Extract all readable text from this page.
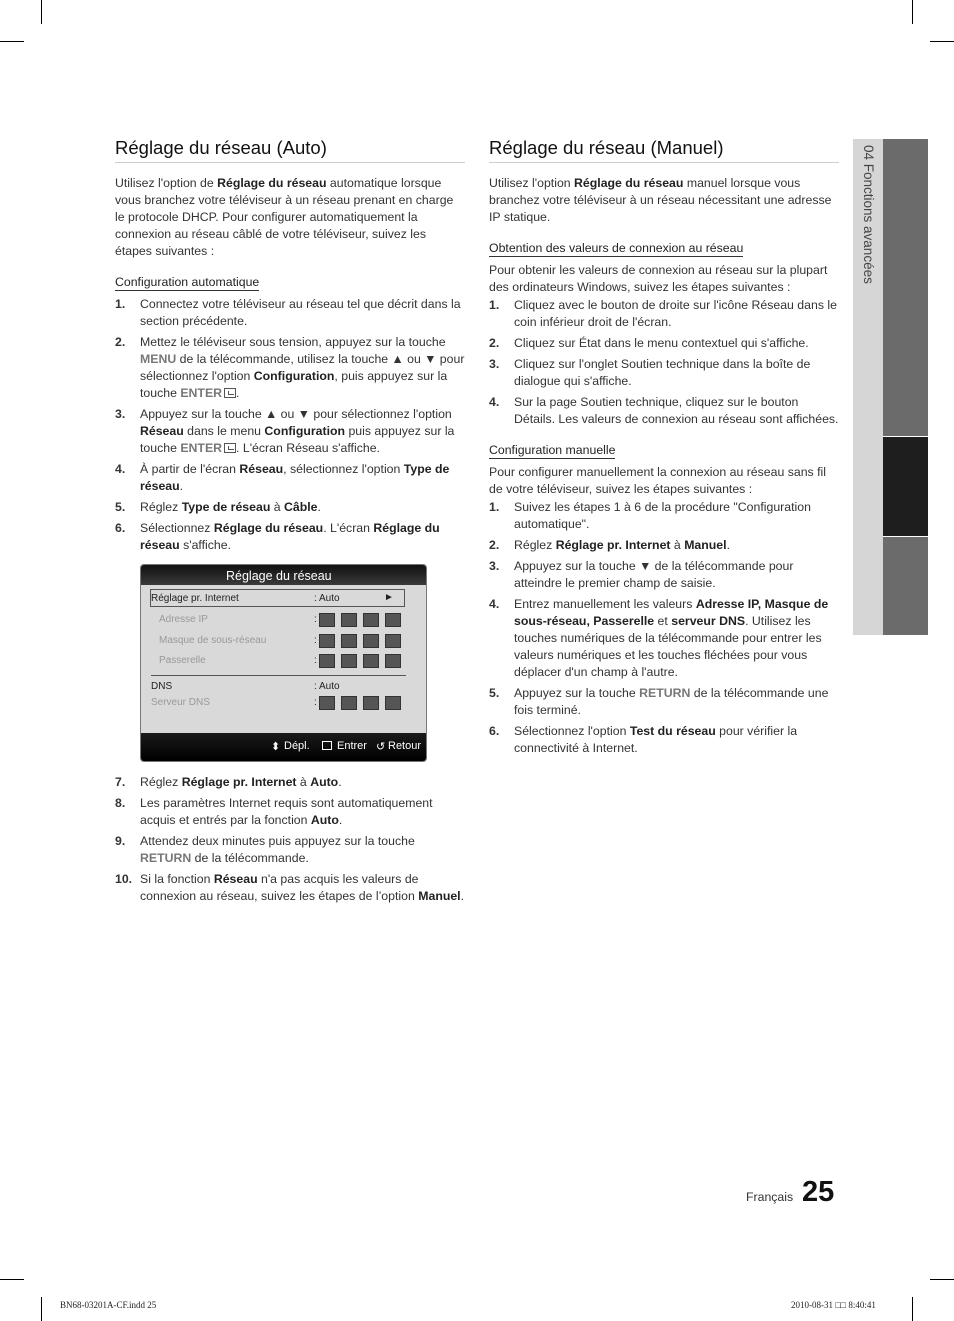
Réglage du réseau (Auto)

Utilisez l'option de Réglage du réseau automatique lorsque vous branchez votre téléviseur à un réseau prenant en charge le protocole DHCP. Pour configurer automatiquement la connexion au réseau câblé de votre téléviseur, suivez les étapes suivantes :

Configuration automatique
1. Connectez votre téléviseur au réseau tel que décrit dans la section précédente.
2. Mettez le téléviseur sous tension, appuyez sur la touche MENU de la télécommande, utilisez la touche ▲ ou ▼ pour sélectionnez l'option Configuration, puis appuyez sur la touche ENTER .
3. Appuyez sur la touche ▲ ou ▼ pour sélectionnez l'option Réseau dans le menu Configuration puis appuyez sur la touche ENTER . L'écran Réseau s'affiche.
4. À partir de l'écran Réseau, sélectionnez l'option Type de réseau.
5. Réglez Type de réseau à Câble.
6. Sélectionnez Réglage du réseau. L'écran Réglage du réseau s'affiche.
Réglage du réseau
Réglage pr. Internet	: Auto	►
Adresse IP	:
Masque de sous-réseau	:
Passerelle	:
DNS	: Auto
Serveur DNS	:
⬍ Dépl. Entrer ↺ Retour
7. Réglez Réglage pr. Internet à Auto.
8. Les paramètres Internet requis sont automatiquement acquis et entrés par la fonction Auto.
9. Attendez deux minutes puis appuyez sur la touche RETURN de la télécommande.
10. Si la fonction Réseau n'a pas acquis les valeurs de connexion au réseau, suivez les étapes de l’option Manuel.
Réglage du réseau (Manuel)

Utilisez l'option Réglage du réseau manuel lorsque vous branchez votre téléviseur à un réseau nécessitant une adresse IP statique.

Obtention des valeurs de connexion au réseau

Pour obtenir les valeurs de connexion au réseau sur la plupart des ordinateurs Windows, suivez les étapes suivantes :

1. Cliquez avec le bouton de droite sur l'icône Réseau dans le coin inférieur droit de l'écran.
2. Cliquez sur État dans le menu contextuel qui s'affiche.
3. Cliquez sur l'onglet Soutien technique dans la boîte de dialogue qui s'affiche.
4. Sur la page Soutien technique, cliquez sur le bouton Détails. Les valeurs de connexion au réseau sont affichées.
Configuration manuelle

Pour configurer manuellement la connexion au réseau sans fil de votre téléviseur, suivez les étapes suivantes :

1. Suivez les étapes 1 à 6 de la procédure "Configuration automatique".
2. Réglez Réglage pr. Internet à Manuel.
3. Appuyez sur la touche ▼ de la télécommande pour atteindre le premier champ de saisie.
4. Entrez manuellement les valeurs Adresse IP, Masque de sous-réseau, Passerelle et serveur DNS. Utilisez les touches numériques de la télécommande pour entrer les valeurs numériques et les touches fléchées pour vous déplacer d'un champ à l'autre.
5. Appuyez sur la touche RETURN de la télécommande une fois terminé.
6. Sélectionnez l'option Test du réseau pour vérifier la connectivité à Internet.
04 Fonctions avancées
Français 25
BN68-03201A-CF.indd 25	2010-08-31 □□ 8:40:41
